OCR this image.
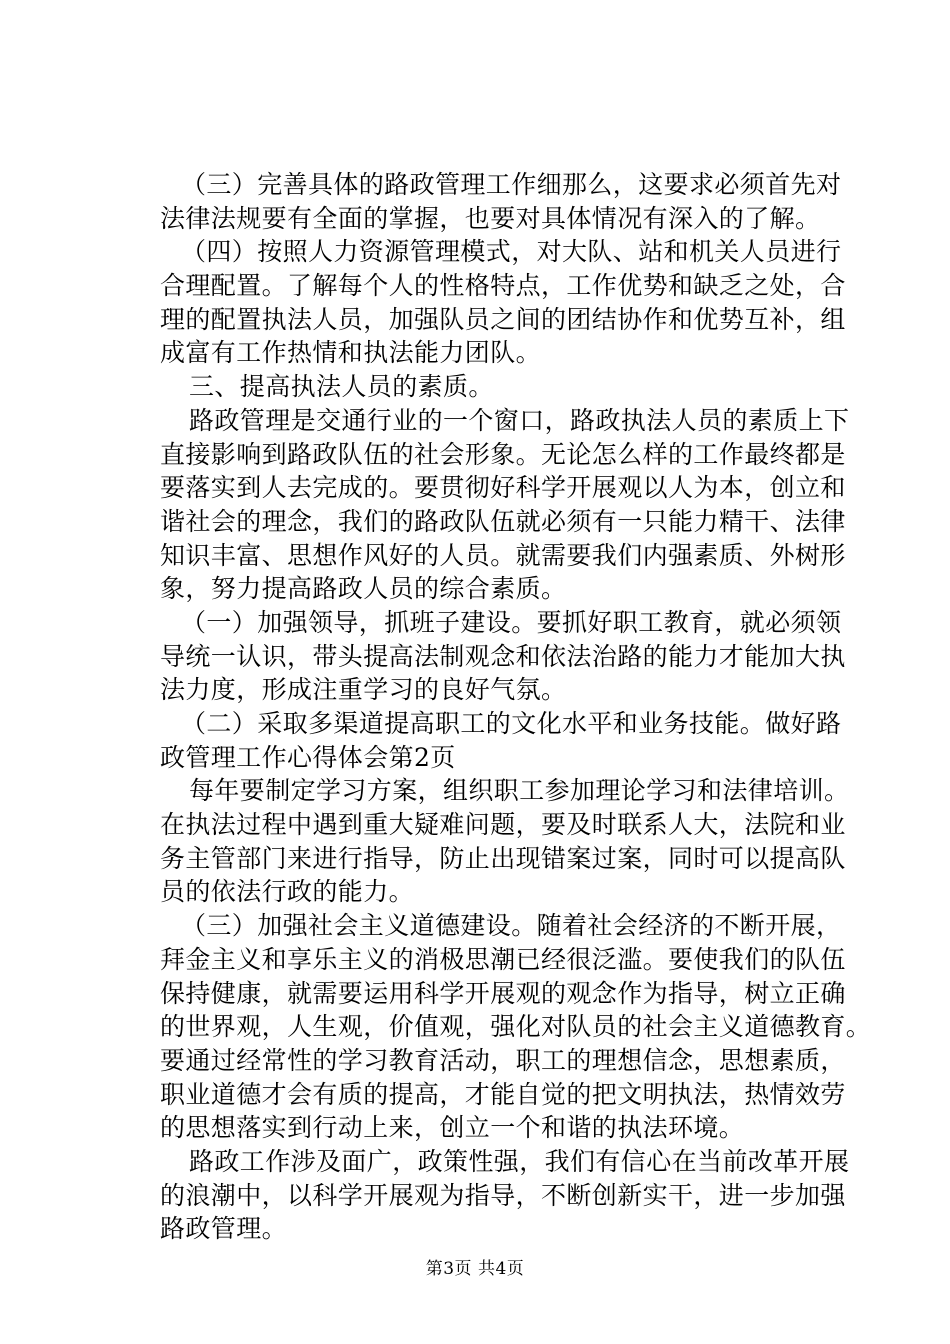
（三）完善具体的路政管理工作细那么，这要求必须首先对
法律法规要有全面的掌握，也要对具体情况有深入的了解。
（四）按照人力资源管理模式，对大队、站和机关人员进行
合理配置。了解每个人的性格特点，工作优势和缺乏之处，合
理的配置执法人员，加强队员之间的团结协作和优势互补，组
成富有工作热情和执法能力团队。
三、提高执法人员的素质。
路政管理是交通行业的一个窗口，路政执法人员的素质上下
直接影响到路政队伍的社会形象。无论怎么样的工作最终都是
要落实到人去完成的。要贯彻好科学开展观以人为本，创立和
谐社会的理念，我们的路政队伍就必须有一只能力精干、法律
知识丰富、思想作风好的人员。就需要我们内强素质、外树形
象，努力提高路政人员的综合素质。
（一）加强领导，抓班子建设。要抓好职工教育，就必须领
导统一认识，带头提高法制观念和依法治路的能力才能加大执
法力度，形成注重学习的良好气氛。
（二）采取多渠道提高职工的文化水平和业务技能。做好路
政管理工作心得体会第2页
每年要制定学习方案，组织职工参加理论学习和法律培训。
在执法过程中遇到重大疑难问题，要及时联系人大，法院和业
务主管部门来进行指导，防止出现错案过案，同时可以提高队
员的依法行政的能力。
（三）加强社会主义道德建设。随着社会经济的不断开展，
拜金主义和享乐主义的消极思潮已经很泛滥。要使我们的队伍
保持健康，就需要运用科学开展观的观念作为指导，树立正确
的世界观，人生观，价值观，强化对队员的社会主义道德教育。
要通过经常性的学习教育活动，职工的理想信念，思想素质，
职业道德才会有质的提高，才能自觉的把文明执法，热情效劳
的思想落实到行动上来，创立一个和谐的执法环境。
路政工作涉及面广，政策性强，我们有信心在当前改革开展
的浪潮中，以科学开展观为指导，不断创新实干，进一步加强
路政管理。
第3页 共4页
